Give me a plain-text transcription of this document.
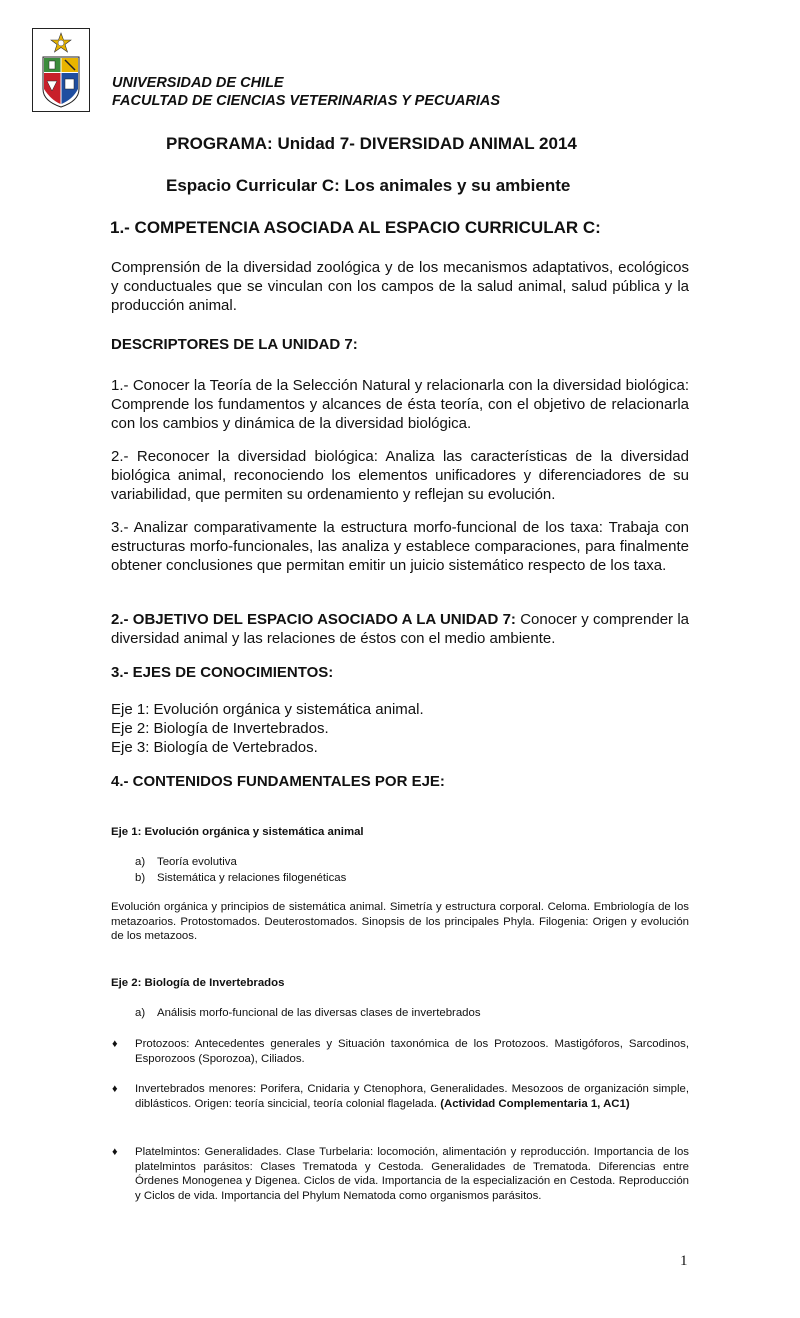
UNIVERSIDAD DE CHILE
FACULTAD DE CIENCIAS VETERINARIAS Y PECUARIAS
PROGRAMA: Unidad 7- DIVERSIDAD ANIMAL 2014
Espacio Curricular C: Los animales y su ambiente
1.- COMPETENCIA ASOCIADA AL ESPACIO CURRICULAR C:
Comprensión de la diversidad zoológica y de los mecanismos adaptativos, ecológicos y conductuales que se vinculan con los campos de la salud animal, salud pública y la producción animal.
DESCRIPTORES DE LA UNIDAD 7:
1.- Conocer la Teoría de la Selección Natural y relacionarla con la diversidad biológica: Comprende los fundamentos y alcances de ésta teoría, con el objetivo de relacionarla con los cambios y dinámica de la diversidad biológica.
2.- Reconocer la diversidad biológica: Analiza las características de la diversidad biológica animal, reconociendo los elementos unificadores y diferenciadores de su variabilidad, que permiten su ordenamiento y reflejan su evolución.
3.- Analizar comparativamente la estructura morfo-funcional de los taxa: Trabaja con estructuras morfo-funcionales, las analiza y establece comparaciones, para finalmente obtener conclusiones que permitan emitir un juicio sistemático respecto de los taxa.
2.- OBJETIVO DEL ESPACIO ASOCIADO A LA UNIDAD 7: Conocer y comprender la diversidad animal y las relaciones de éstos con el medio ambiente.
3.- EJES DE CONOCIMIENTOS:
Eje 1: Evolución orgánica y sistemática animal.
Eje 2: Biología de Invertebrados.
Eje 3: Biología de Vertebrados.
4.- CONTENIDOS FUNDAMENTALES POR EJE:
Eje 1: Evolución orgánica y sistemática animal
a) Teoría evolutiva
b) Sistemática y relaciones filogenéticas
Evolución orgánica y principios de sistemática animal. Simetría y estructura corporal. Celoma. Embriología de los metazoarios. Protostomados. Deuterostomados. Sinopsis de los principales Phyla. Filogenia: Origen y evolución de los metazoos.
Eje 2: Biología de Invertebrados
a) Análisis morfo-funcional de las diversas clases de invertebrados
♦ Protozoos: Antecedentes generales y Situación taxonómica de los Protozoos. Mastigóforos, Sarcodinos, Esporozoos (Sporozoa), Ciliados.
♦ Invertebrados menores: Porifera, Cnidaria y Ctenophora, Generalidades. Mesozoos de organización simple, diblásticos. Origen: teoría sincicial, teoría colonial flagelada. (Actividad Complementaria 1, AC1)
♦ Platelmintos: Generalidades. Clase Turbelaria: locomoción, alimentación y reproducción. Importancia de los platelmintos parásitos: Clases Trematoda y Cestoda. Generalidades de Trematoda. Diferencias entre Órdenes Monogenea y Digenea. Ciclos de vida. Importancia de la especialización en Cestoda. Reproducción y Ciclos de vida. Importancia del Phylum Nematoda como organismos parásitos.
1
